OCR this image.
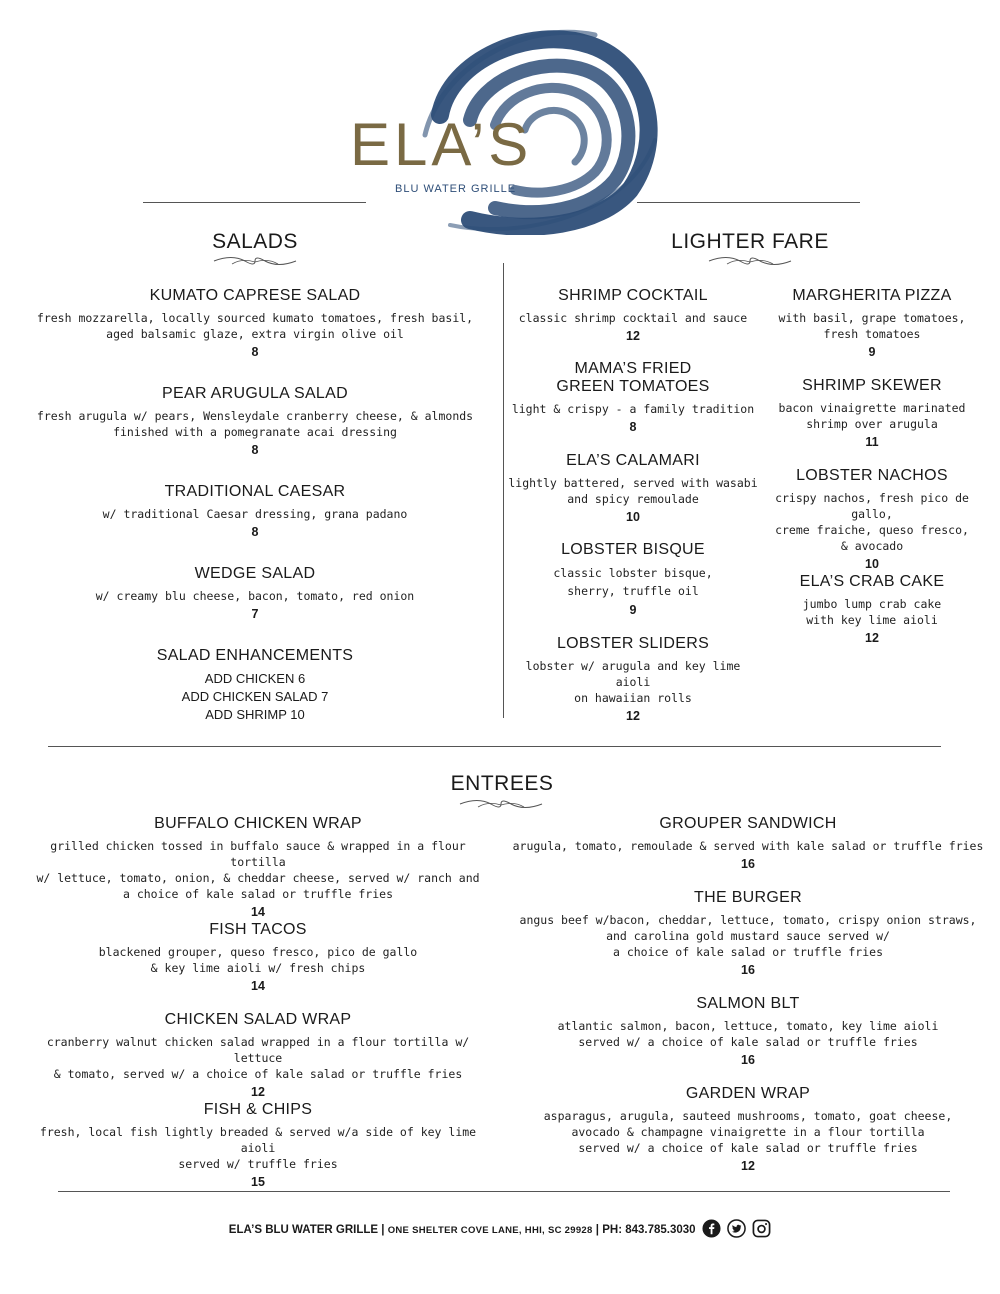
ELA’S
BLU WATER GRILLE
SALADS
KUMATO CAPRESE SALAD

fresh mozzarella, locally sourced kumato tomatoes, fresh basil,
aged balsamic glaze, extra virgin olive oil

8
PEAR ARUGULA SALAD

fresh arugula w/ pears, Wensleydale cranberry cheese, & almonds
finished with a pomegranate acai dressing

8
TRADITIONAL CAESAR

w/ traditional Caesar dressing, grana padano

8
WEDGE SALAD

w/ creamy blu cheese, bacon, tomato, red onion

7
SALAD ENHANCEMENTS
ADD CHICKEN 6
ADD CHICKEN SALAD 7
ADD SHRIMP 10
LIGHTER FARE
SHRIMP COCKTAIL

classic shrimp cocktail and sauce

12
MAMA’S FRIED
GREEN TOMATOES

light & crispy - a family tradition

8
ELA’S CALAMARI

lightly battered, served with wasabi
and spicy remoulade

10
LOBSTER BISQUE

classic lobster bisque,
sherry, truffle oil

9
LOBSTER SLIDERS

lobster w/ arugula and key lime aioli
on hawaiian rolls

12
MARGHERITA PIZZA

with basil, grape tomatoes,
fresh tomatoes

9
SHRIMP SKEWER

bacon vinaigrette marinated
shrimp over arugula

11
LOBSTER NACHOS

crispy nachos, fresh pico de gallo,
creme fraiche, queso fresco,
& avocado

10
ELA’S CRAB CAKE

jumbo lump crab cake
with key lime aioli

12
ENTREES
BUFFALO CHICKEN WRAP

grilled chicken tossed in buffalo sauce & wrapped in a flour tortilla
w/ lettuce, tomato, onion, & cheddar cheese, served w/ ranch and
a choice of kale salad or truffle fries

14
FISH TACOS

blackened grouper, queso fresco, pico de gallo
& key lime aioli w/ fresh chips

14
CHICKEN SALAD WRAP

cranberry walnut chicken salad wrapped in a flour tortilla w/ lettuce
& tomato, served w/ a choice of kale salad or truffle fries

12
FISH & CHIPS

fresh, local fish lightly breaded & served w/a side of key lime aioli
served w/ truffle fries

15
GROUPER SANDWICH

arugula, tomato, remoulade & served with kale salad or truffle fries

16
THE BURGER

angus beef w/bacon, cheddar, lettuce, tomato, crispy onion straws,
and carolina gold mustard sauce served w/
a choice of kale salad or truffle fries

16
SALMON BLT

atlantic salmon, bacon, lettuce, tomato, key lime aioli
served w/ a choice of kale salad or truffle fries

16
GARDEN WRAP

asparagus, arugula, sauteed mushrooms, tomato, goat cheese,
avocado & champagne vinaigrette in a flour tortilla
served w/ a choice of kale salad or truffle fries

12
ELA’S BLU WATER GRILLE | ONE SHELTER COVE LANE, HHI, SC 29928 | PH: 843.785.3030
